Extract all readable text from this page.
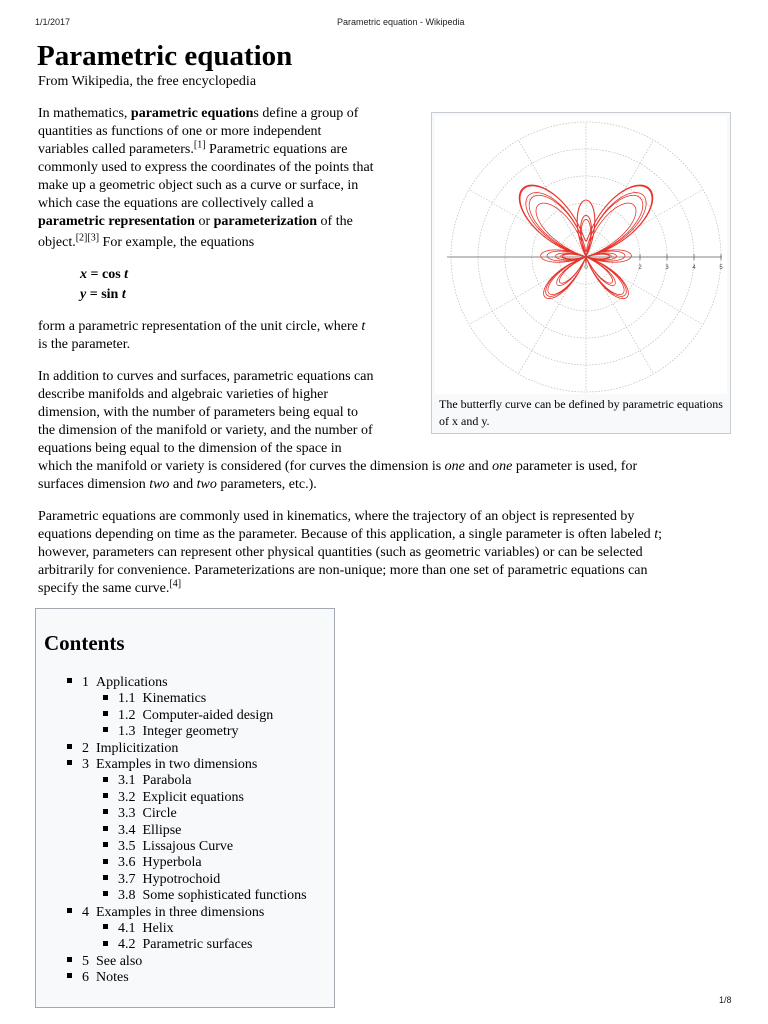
1/1/2017	Parametric equation - Wikipedia
1/8
Parametric equation
From Wikipedia, the free encyclopedia
In mathematics, parametric equations define a group of
quantities as functions of one or more independent
variables called parameters.[1] Parametric equations are
commonly used to express the coordinates of the points that
make up a geometric object such as a curve or surface, in
which case the equations are collectively called a
parametric representation or parameterization of the
object.[2][3] For example, the equations
x = cos t
y = sin t
form a parametric representation of the unit circle, where t
is the parameter.
In addition to curves and surfaces, parametric equations can
describe manifolds and algebraic varieties of higher
dimension, with the number of parameters being equal to
the dimension of the manifold or variety, and the number of
equations being equal to the dimension of the space in
which the manifold or variety is considered (for curves the dimension is one and one parameter is used, for
surfaces dimension two and two parameters, etc.).
Parametric equations are commonly used in kinematics, where the trajectory of an object is represented by
equations depending on time as the parameter. Because of this application, a single parameter is often labeled t;
however, parameters can represent other physical quantities (such as geometric variables) or can be selected
arbitrarily for convenience. Parameterizations are non-unique; more than one set of parametric equations can
specify the same curve.[4]
0	2	3	4	5
The butterfly curve can be defined by parametric equations of x and y.
Contents
1 Applications
1.1 Kinematics
1.2 Computer-aided design
1.3 Integer geometry
2 Implicitization
3 Examples in two dimensions
3.1 Parabola
3.2 Explicit equations
3.3 Circle
3.4 Ellipse
3.5 Lissajous Curve
3.6 Hyperbola
3.7 Hypotrochoid
3.8 Some sophisticated functions
4 Examples in three dimensions
4.1 Helix
4.2 Parametric surfaces
5 See also
6 Notes
